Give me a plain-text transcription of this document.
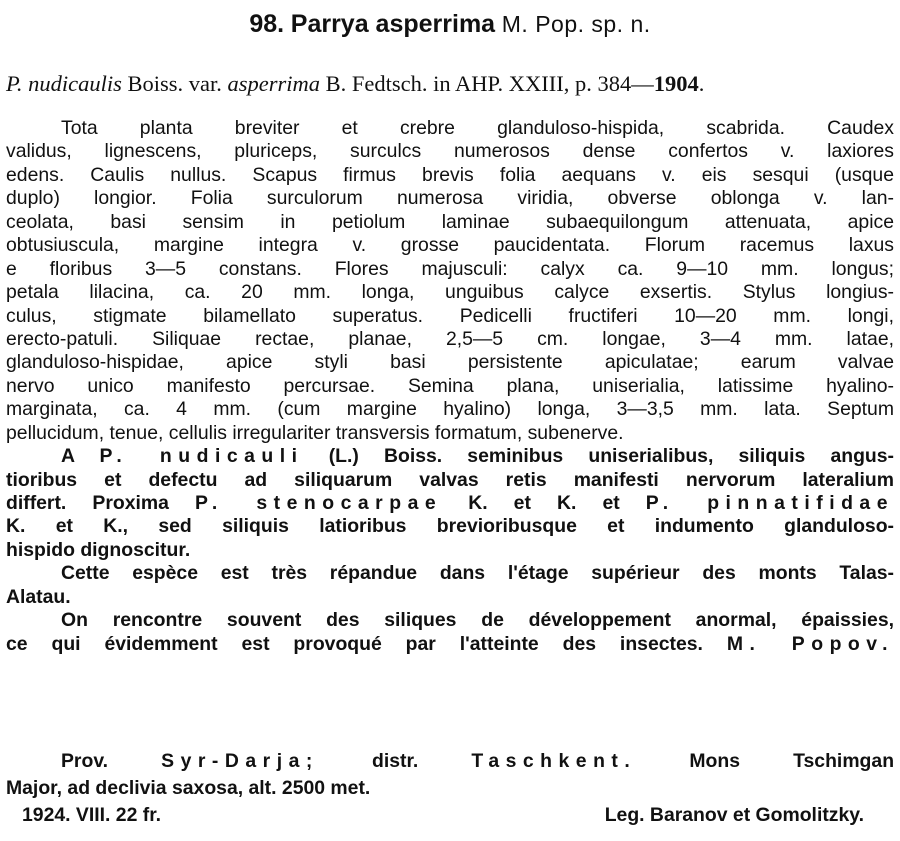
98. Parrya asperrima M. Pop. sp. n.
P. nudicaulis Boiss. var. asperrima B. Fedtsch. in AHP. XXIII, p. 384—1904.
Tota planta breviter et crebre glanduloso-hispida, scabrida. Caudex
validus, lignescens, pluriceps, surculcs numerosos dense confertos v. laxiores
edens. Caulis nullus. Scapus firmus brevis folia aequans v. eis sesqui (usque
duplo) longior. Folia surculorum numerosa viridia, obverse oblonga v. lan-
ceolata, basi sensim in petiolum laminae subaequilongum attenuata, apice
obtusiuscula, margine integra v. grosse paucidentata. Florum racemus laxus
e floribus 3—5 constans. Flores majusculi: calyx ca. 9—10 mm. longus;
petala lilacina, ca. 20 mm. longa, unguibus calyce exsertis. Stylus longius-
culus, stigmate bilamellato superatus. Pedicelli fructiferi 10—20 mm. longi,
erecto-patuli. Siliquae rectae, planae, 2,5—5 cm. longae, 3—4 mm. latae,
glanduloso-hispidae, apice styli basi persistente apiculatae; earum valvae
nervo unico manifesto percursae. Semina plana, uniserialia, latissime hyalino-
marginata, ca. 4 mm. (cum margine hyalino) longa, 3—3,5 mm. lata. Septum
pellucidum, tenue, cellulis irregulariter transversis formatum, subenerve.
A P. nudicauli (L.) Boiss. seminibus uniserialibus, siliquis angus-
tioribus et defectu ad siliquarum valvas retis manifesti nervorum lateralium
differt. Proxima P. stenocarpae K. et K. et P. pinnatifidae
K. et K., sed siliquis latioribus brevioribusque et indumento glanduloso-
hispido dignoscitur.
Cette espèce est très répandue dans l'étage supérieur des monts Talas-
Alatau.
On rencontre souvent des siliques de développement anormal, épaissies,
ce qui évidemment est provoqué par l'atteinte des insectes. M. Popov.
Prov.	Syr-Darja;	distr.	Taschkent.	Mons Tschimgan
Major, ad declivia saxosa, alt. 2500 met.
1924. VIII. 22 fr.	Leg. Baranov et Gomolitzky.
